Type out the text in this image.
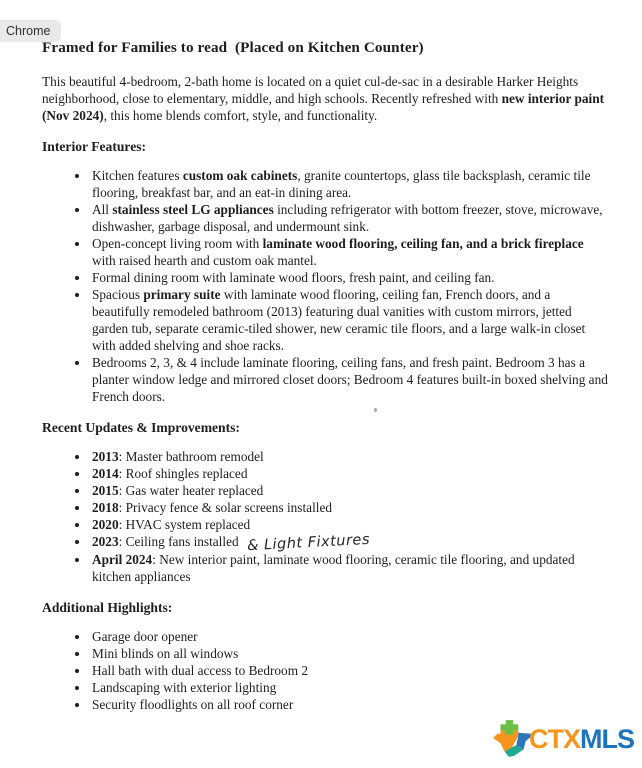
Chrome
Framed for Families to read  (Placed on Kitchen Counter)

This beautiful 4-bedroom, 2-bath home is located on a quiet cul-de-sac in a desirable Harker Heights neighborhood, close to elementary, middle, and high schools. Recently refreshed with new interior paint (Nov 2024), this home blends comfort, style, and functionality.

Interior Features:
• Kitchen features custom oak cabinets, granite countertops, glass tile backsplash, ceramic tile flooring, breakfast bar, and an eat-in dining area.
• All stainless steel LG appliances including refrigerator with bottom freezer, stove, microwave, dishwasher, garbage disposal, and undermount sink.
• Open-concept living room with laminate wood flooring, ceiling fan, and a brick fireplace with raised hearth and custom oak mantel.
• Formal dining room with laminate wood floors, fresh paint, and ceiling fan.
• Spacious primary suite with laminate wood flooring, ceiling fan, French doors, and a beautifully remodeled bathroom (2013) featuring dual vanities with custom mirrors, jetted garden tub, separate ceramic-tiled shower, new ceramic tile floors, and a large walk-in closet with added shelving and shoe racks.
• Bedrooms 2, 3, & 4 include laminate flooring, ceiling fans, and fresh paint. Bedroom 3 has a planter window ledge and mirrored closet doors; Bedroom 4 features built-in boxed shelving and French doors.
Recent Updates & Improvements:
• 2013: Master bathroom remodel
• 2014: Roof shingles replaced
• 2015: Gas water heater replaced
• 2018: Privacy fence & solar screens installed
• 2020: HVAC system replaced
• 2023: Ceiling fans installed & Light Fixtures
• April 2024: New interior paint, laminate wood flooring, ceramic tile flooring, and updated kitchen appliances
Additional Highlights:
• Garage door opener
• Mini blinds on all windows
• Hall bath with dual access to Bedroom 2
• Landscaping with exterior lighting
• Security floodlights on all roof corner
CTX MLS
